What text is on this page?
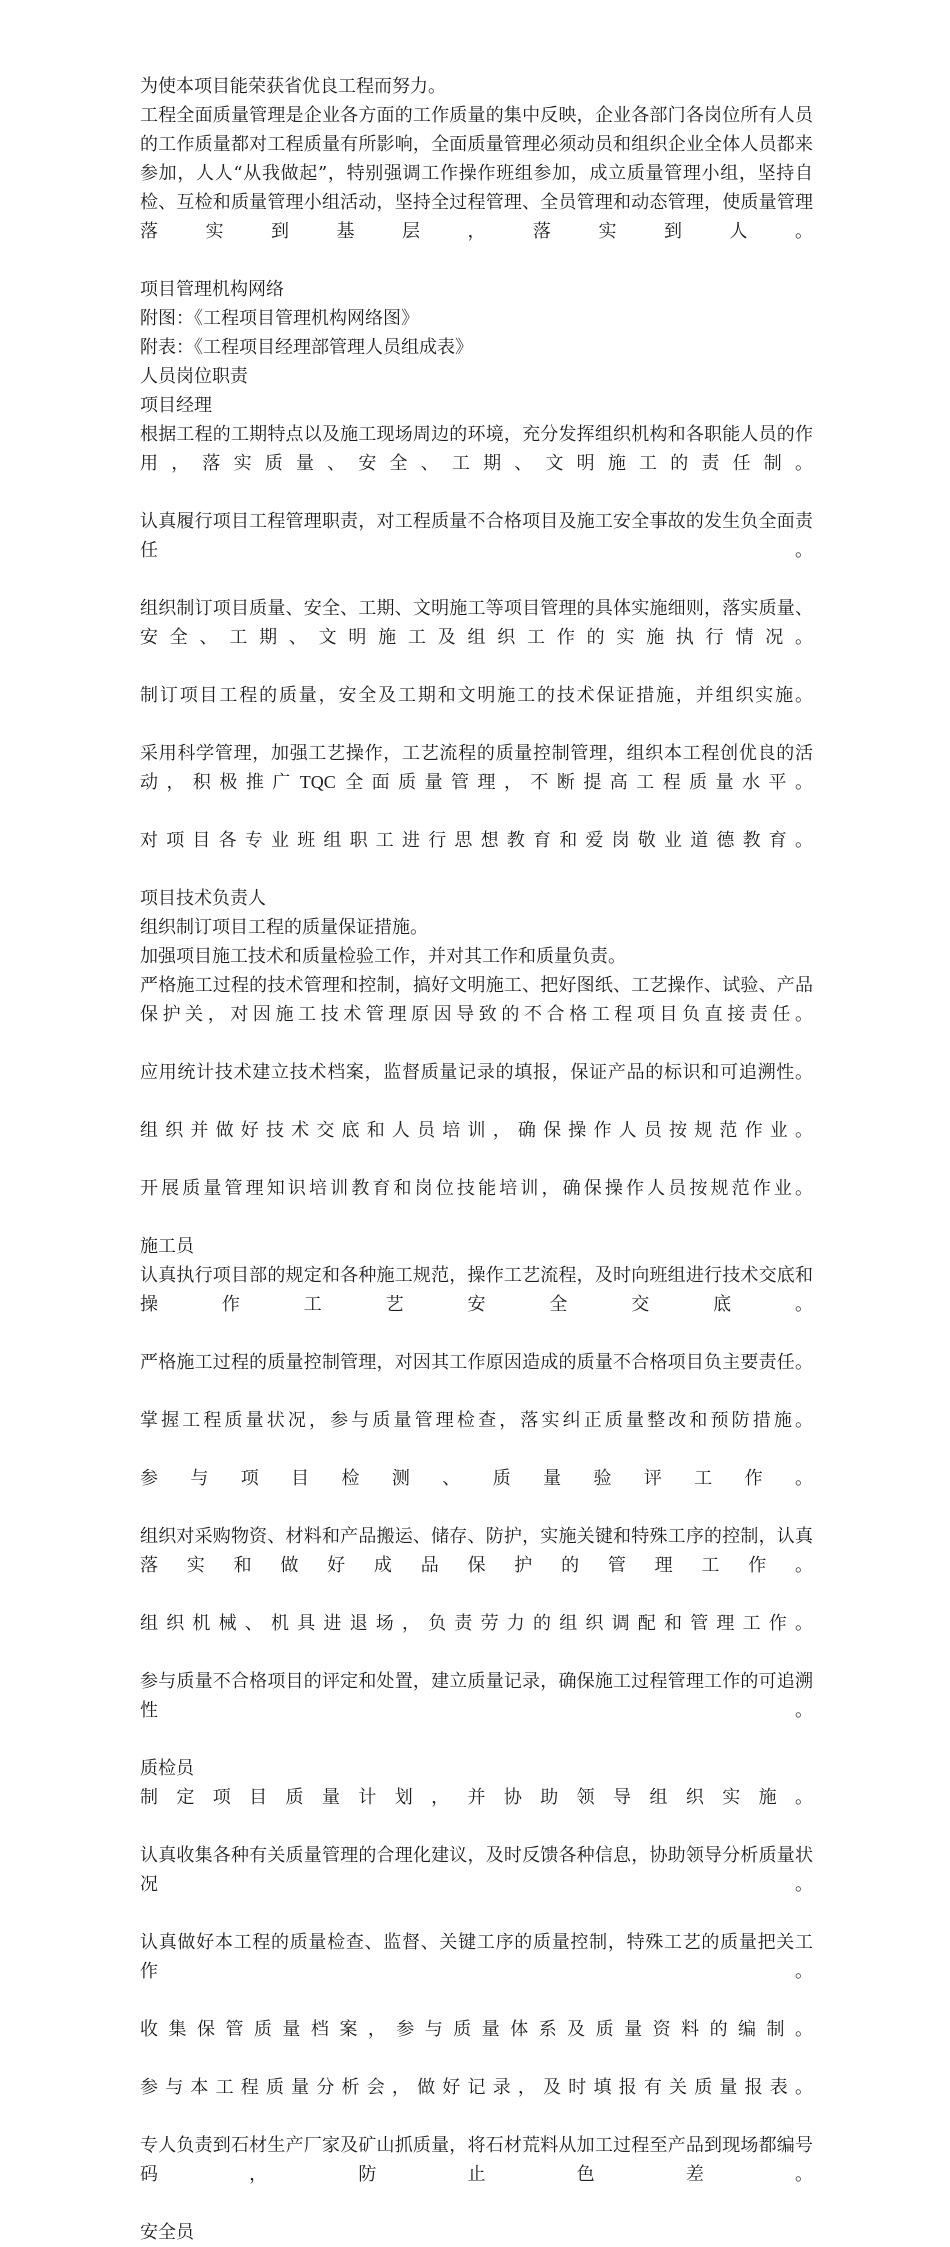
为使本项目能荣获省优良工程而努力。

工程全面质量管理是企业各方面的工作质量的集中反映，企业各部门各岗位所有人员的工作质量都对工程质量有所影响，全面质量管理必须动员和组织企业全体人员都来参加，人人“从我做起”，特别强调工作操作班组参加，成立质量管理小组，坚持自检、互检和质量管理小组活动，坚持全过程管理、全员管理和动态管理，使质量管理落实到基层，落实到人。

项目管理机构网络

附图：《工程项目管理机构网络图》

附表：《工程项目经理部管理人员组成表》

人员岗位职责

项目经理

根据工程的工期特点以及施工现场周边的环境，充分发挥组织机构和各职能人员的作用，落实质量、安全、工期、文明施工的责任制。

认真履行项目工程管理职责，对工程质量不合格项目及施工安全事故的发生负全面责任。

组织制订项目质量、安全、工期、文明施工等项目管理的具体实施细则，落实质量、安全、工期、文明施工及组织工作的实施执行情况。

制订项目工程的质量，安全及工期和文明施工的技术保证措施，并组织实施。

采用科学管理，加强工艺操作，工艺流程的质量控制管理，组织本工程创优良的活动，积极推广TQC全面质量管理，不断提高工程质量水平。

对项目各专业班组职工进行思想教育和爱岗敬业道德教育。

项目技术负责人

组织制订项目工程的质量保证措施。

加强项目施工技术和质量检验工作，并对其工作和质量负责。

严格施工过程的技术管理和控制，搞好文明施工、把好图纸、工艺操作、试验、产品保护关，对因施工技术管理原因导致的不合格工程项目负直接责任。

应用统计技术建立技术档案，监督质量记录的填报，保证产品的标识和可追溯性。

组织并做好技术交底和人员培训，确保操作人员按规范作业。

开展质量管理知识培训教育和岗位技能培训，确保操作人员按规范作业。

施工员

认真执行项目部的规定和各种施工规范，操作工艺流程，及时向班组进行技术交底和操作工艺安全交底。

严格施工过程的质量控制管理，对因其工作原因造成的质量不合格项目负主要责任。

掌握工程质量状况，参与质量管理检查，落实纠正质量整改和预防措施。

参与项目检测、质量验评工作。

组织对采购物资、材料和产品搬运、储存、防护，实施关键和特殊工序的控制，认真落实和做好成品保护的管理工作。

组织机械、机具进退场，负责劳力的组织调配和管理工作。

参与质量不合格项目的评定和处置，建立质量记录，确保施工过程管理工作的可追溯性。

质检员

制定项目质量计划，并协助领导组织实施。

认真收集各种有关质量管理的合理化建议，及时反馈各种信息，协助领导分析质量状况。

认真做好本工程的质量检查、监督、关键工序的质量控制，特殊工艺的质量把关工作。

收集保管质量档案，参与质量体系及质量资料的编制。

参与本工程质量分析会，做好记录，及时填报有关质量报表。

专人负责到石材生产厂家及矿山抓质量，将石材荒料从加工过程至产品到现场都编号码，防止色差。

安全员
